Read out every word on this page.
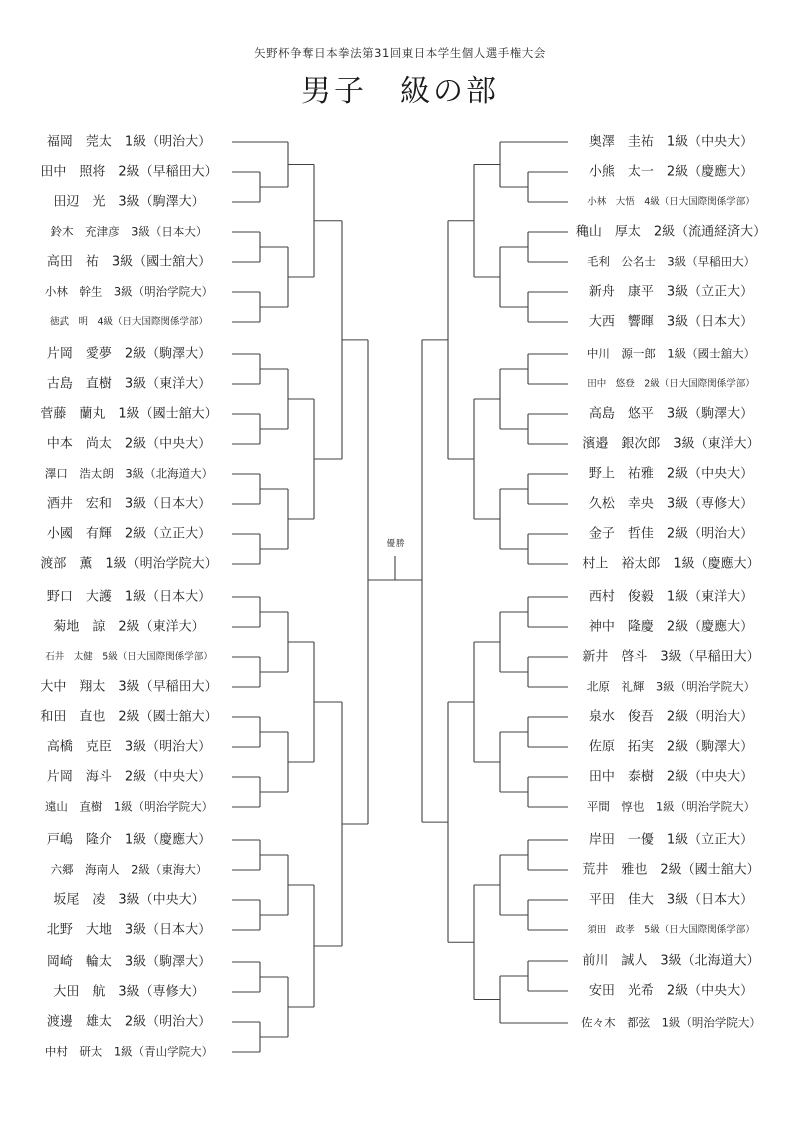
矢野杯争奪日本拳法第31回東日本学生個人選手権大会
男子　級の部
福岡　莞太　1級（明治大）
田中　照将　2級（早稲田大）
田辺　光　3級（駒澤大）
鈴木　充津彦　3級（日本大）
高田　祐　3級（國士舘大）
小林　幹生　3級（明治学院大）
徳武　明　4級（日大国際関係学部）
片岡　愛夢　2級（駒澤大）
古島　直樹　3級（東洋大）
菅藤　蘭丸　1級（國士舘大）
中本　尚太　2級（中央大）
澤口　浩太朗　3級（北海道大）
酒井　宏和　3級（日本大）
小國　有輝　2級（立正大）
渡部　薫　1級（明治学院大）
野口　大護　1級（日本大）
菊地　諒　2級（東洋大）
石井　太健　5級（日大国際関係学部）
大中　翔太　3級（早稲田大）
和田　直也　2級（國士舘大）
高橋　克臣　3級（明治大）
片岡　海斗　2級（中央大）
遠山　直樹　1級（明治学院大）
戸嶋　隆介　1級（慶應大）
六郷　海南人　2級（東海大）
坂尾　凌　3級（中央大）
北野　大地　3級（日本大）
岡崎　輪太　3級（駒澤大）
大田　航　3級（専修大）
渡邊　雄太　2級（明治大）
中村　研太　1級（青山学院大）
奥澤　圭祐　1級（中央大）
小熊　太一　2級（慶應大）
小林　大悟　4級（日大国際関係学部）
穐山　厚太　2級（流通経済大）
毛利　公名士　3級（早稲田大）
新舟　康平　3級（立正大）
大西　響暉　3級（日本大）
中川　源一郎　1級（國士舘大）
田中　悠登　2級（日大国際関係学部）
高島　悠平　3級（駒澤大）
濱邉　銀次郎　3級（東洋大）
野上　祐雅　2級（中央大）
久松　幸央　3級（専修大）
金子　哲佳　2級（明治大）
村上　裕太郎　1級（慶應大）
西村　俊毅　1級（東洋大）
神中　隆慶　2級（慶應大）
新井　啓斗　3級（早稲田大）
北原　礼輝　3級（明治学院大）
泉水　俊吾　2級（明治大）
佐原　拓実　2級（駒澤大）
田中　泰樹　2級（中央大）
平間　惇也　1級（明治学院大）
岸田　一優　1級（立正大）
荒井　雅也　2級（國士舘大）
平田　佳大　3級（日本大）
須田　政孝　5級（日大国際関係学部）
前川　誠人　3級（北海道大）
安田　光希　2級（中央大）
佐々木　都弦　1級（明治学院大）
優勝
